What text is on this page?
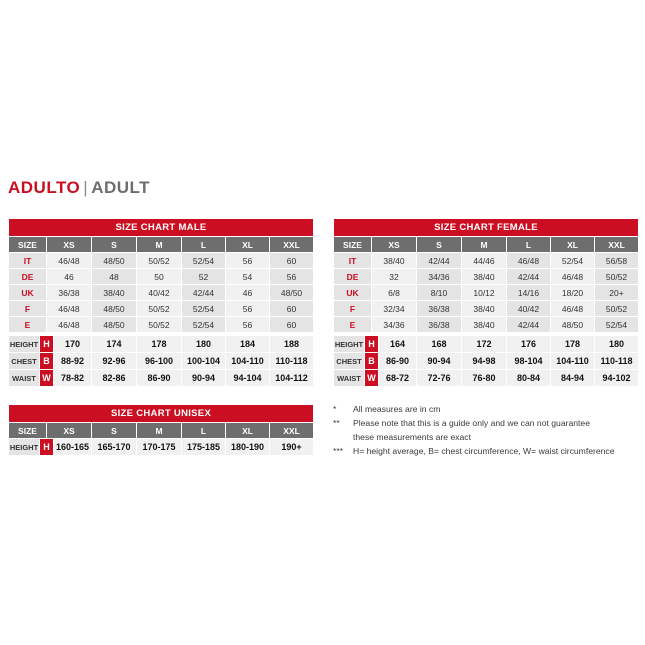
ADULTO | ADULT
SIZE CHART MALE						
SIZE	XS	S	M	L	XL	XXL
IT	46/48	48/50	50/52	52/54	56	60
DE	46	48	50	52	54	56
UK	36/38	38/40	40/42	42/44	46	48/50
F	46/48	48/50	50/52	52/54	56	60
E	46/48	48/50	50/52	52/54	56	60
HEIGHT	H	170	174	178	180	184	188
CHEST	B	88-92	92-96	96-100	100-104	104-110	110-118
WAIST	W	78-82	82-86	86-90	90-94	94-104	104-112
SIZE CHART FEMALE						
SIZE	XS	S	M	L	XL	XXL
IT	38/40	42/44	44/46	46/48	52/54	56/58
DE	32	34/36	38/40	42/44	46/48	50/52
UK	6/8	8/10	10/12	14/16	18/20	20+
F	32/34	36/38	38/40	40/42	46/48	50/52
E	34/36	36/38	38/40	42/44	48/50	52/54
HEIGHT	H	164	168	172	176	178	180
CHEST	B	86-90	90-94	94-98	98-104	104-110	110-118
WAIST	W	68-72	72-76	76-80	80-84	84-94	94-102
SIZE CHART UNISEX
SIZE	XS	S	M	L	XL	XXL
HEIGHT	H	160-165	165-170	170-175	175-185	180-190	190+
*	All measures are in cm
**	Please note that this is a guide only and we can not guarantee
these measurements are exact
***	H= height average, B= chest circumference, W= waist circumference
